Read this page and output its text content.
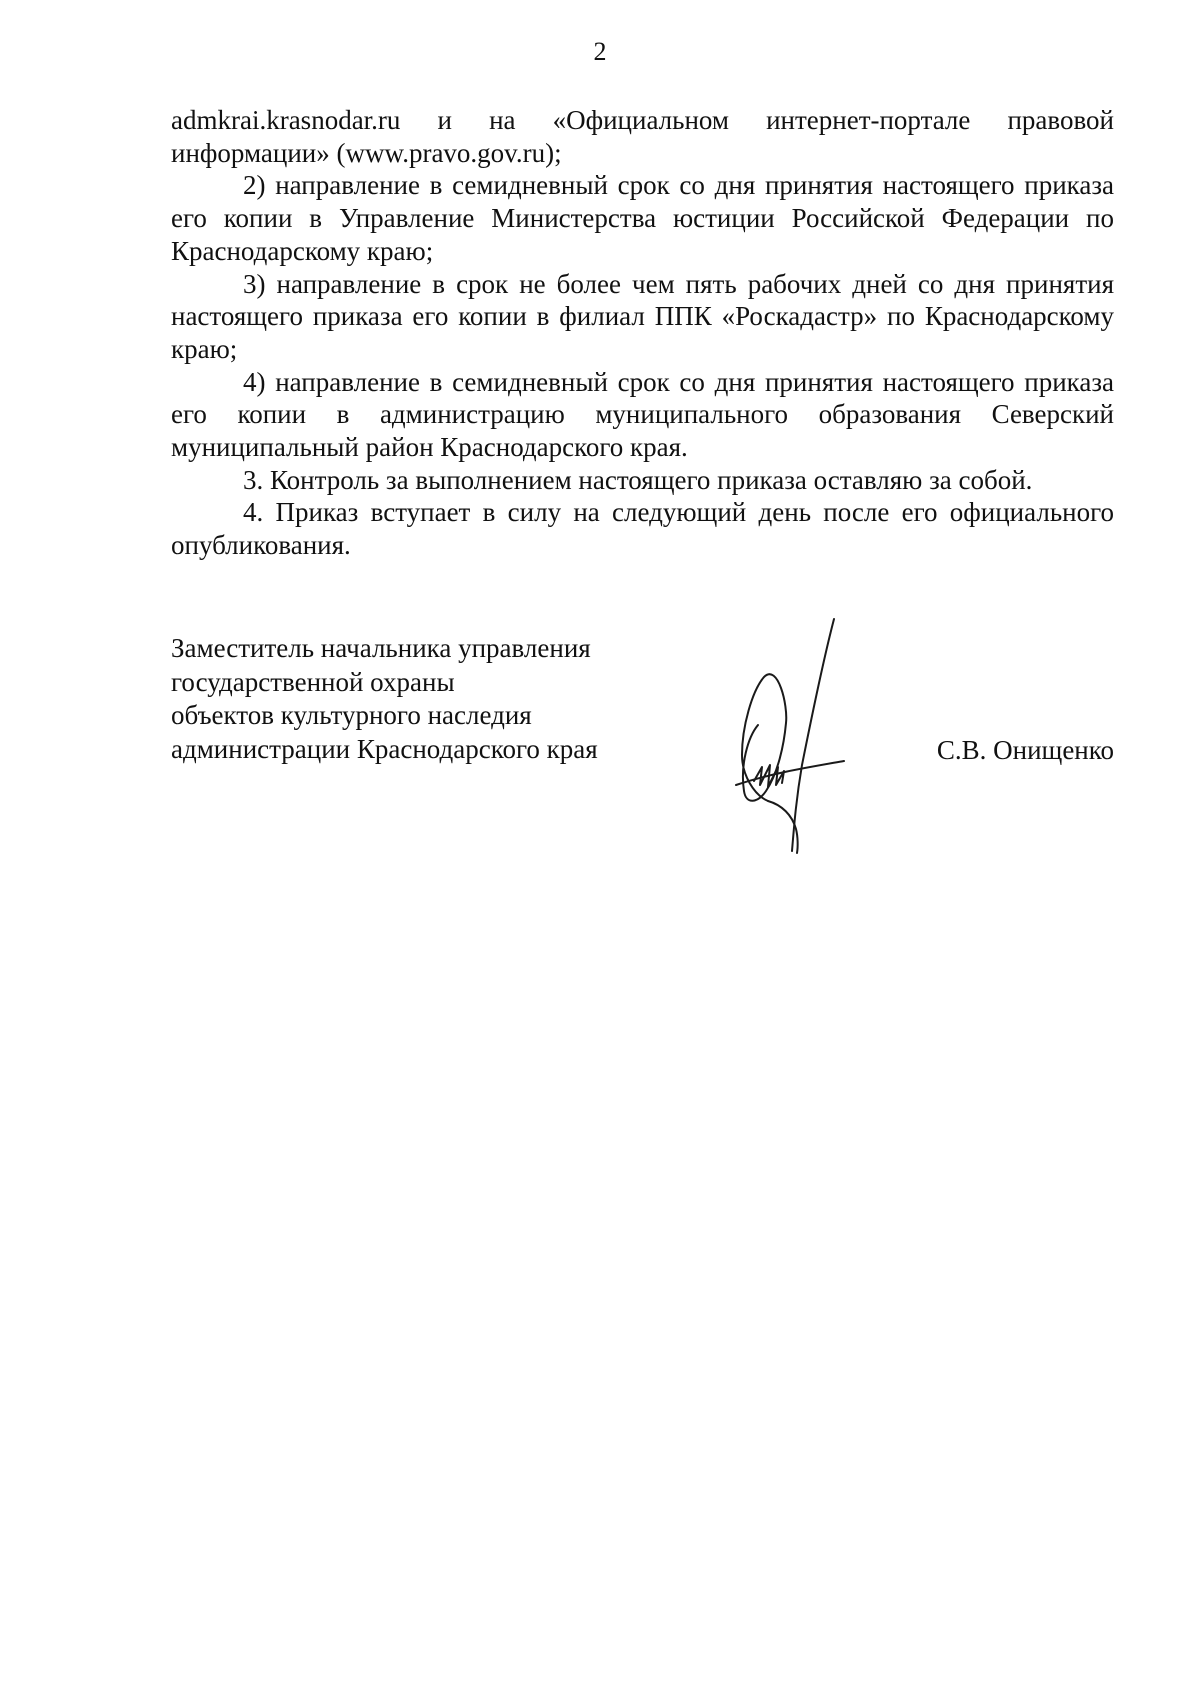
2

admkrai.krasnodar.ru и на «Официальном интернет-портале правовой информации» (www.pravo.gov.ru);

2) направление в семидневный срок со дня принятия настоящего приказа его копии в Управление Министерства юстиции Российской Федерации по Краснодарскому краю;

3) направление в срок не более чем пять рабочих дней со дня принятия настоящего приказа его копии в филиал ППК «Роскадастр» по Краснодарскому краю;

4) направление в семидневный срок со дня принятия настоящего приказа его копии в администрацию муниципального образования Северский муниципальный район Краснодарского края.

3. Контроль за выполнением настоящего приказа оставляю за собой.

4. Приказ вступает в силу на следующий день после его официального опубликования.

Заместитель начальника управления
государственной охраны
объектов культурного наследия
администрации Краснодарского края	С.В. Онищенко
